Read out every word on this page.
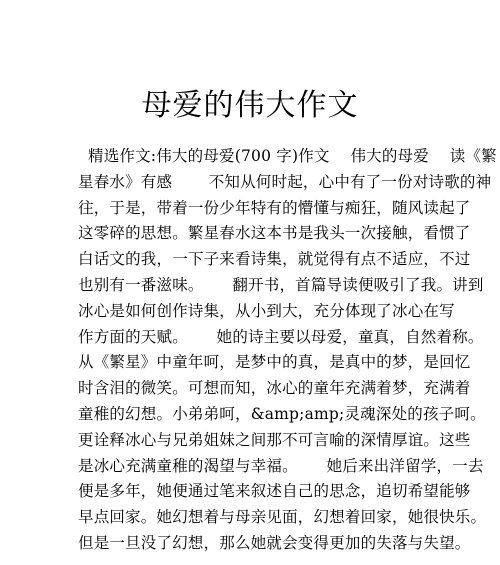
母爱的伟大作文
精选作文:伟大的母爱(700 字)作文　 伟大的母爱　 读《繁
星春水》有感　　 不知从何时起，心中有了一份对诗歌的神
往，于是，带着一份少年特有的懵懂与痴狂，随风读起了
这零碎的思想。繁星春水这本书是我头一次接触，看惯了
白话文的我，一下子来看诗集，就觉得有点不适应，不过
也别有一番滋味。　　 翻开书，首篇导读便吸引了我。讲到
冰心是如何创作诗集，从小到大，充分体现了冰心在写
作方面的天赋。　　 她的诗主要以母爱，童真，自然着称。
从《繁星》中童年呵，是梦中的真，是真中的梦，是回忆
时含泪的微笑。可想而知，冰心的童年充满着梦，充满着
童稚的幻想。小弟弟呵，&amp;amp;灵魂深处的孩子呵。
更诠释冰心与兄弟姐妹之间那不可言喻的深情厚谊。这些
是冰心充满童稚的渴望与幸福。　　 她后来出洋留学，一去
便是多年，她便通过笔来叙述自己的思念，追切希望能够
早点回家。她幻想着与母亲见面，幻想着回家，她很快乐。
但是一旦没了幻想，那么她就会变得更加的失落与失望。
